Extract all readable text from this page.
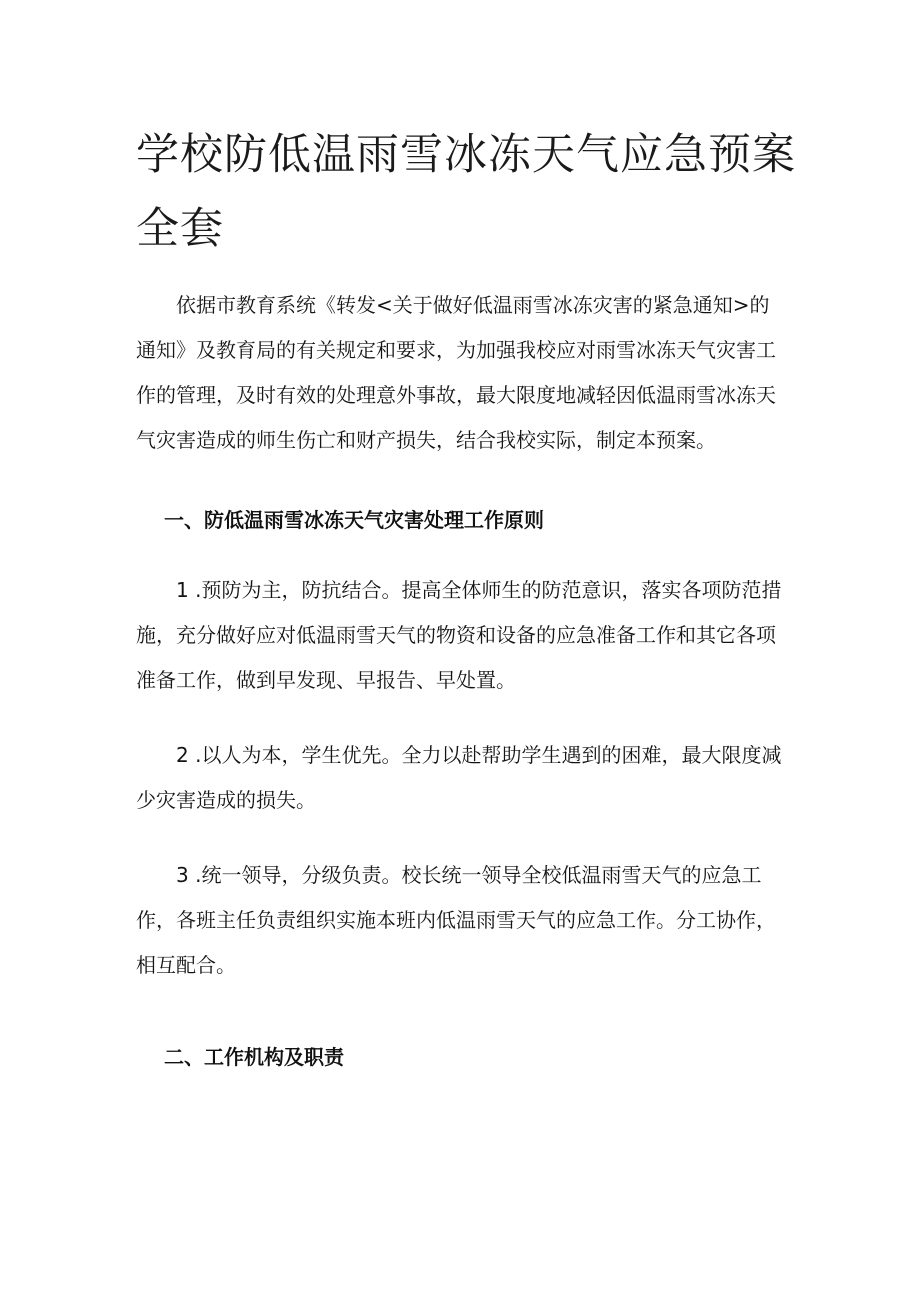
学校防低温雨雪冰冻天气应急预案全套

依据市教育系统《转发<关于做好低温雨雪冰冻灾害的紧急通知>的通知》及教育局的有关规定和要求，为加强我校应对雨雪冰冻天气灾害工作的管理，及时有效的处理意外事故，最大限度地减轻因低温雨雪冰冻天气灾害造成的师生伤亡和财产损失，结合我校实际，制定本预案。

一、防低温雨雪冰冻天气灾害处理工作原则

1 .预防为主，防抗结合。提高全体师生的防范意识，落实各项防范措施，充分做好应对低温雨雪天气的物资和设备的应急准备工作和其它各项准备工作，做到早发现、早报告、早处置。

2 .以人为本，学生优先。全力以赴帮助学生遇到的困难，最大限度减少灾害造成的损失。

3 .统一领导，分级负责。校长统一领导全校低温雨雪天气的应急工作，各班主任负责组织实施本班内低温雨雪天气的应急工作。分工协作，相互配合。

二、工作机构及职责
